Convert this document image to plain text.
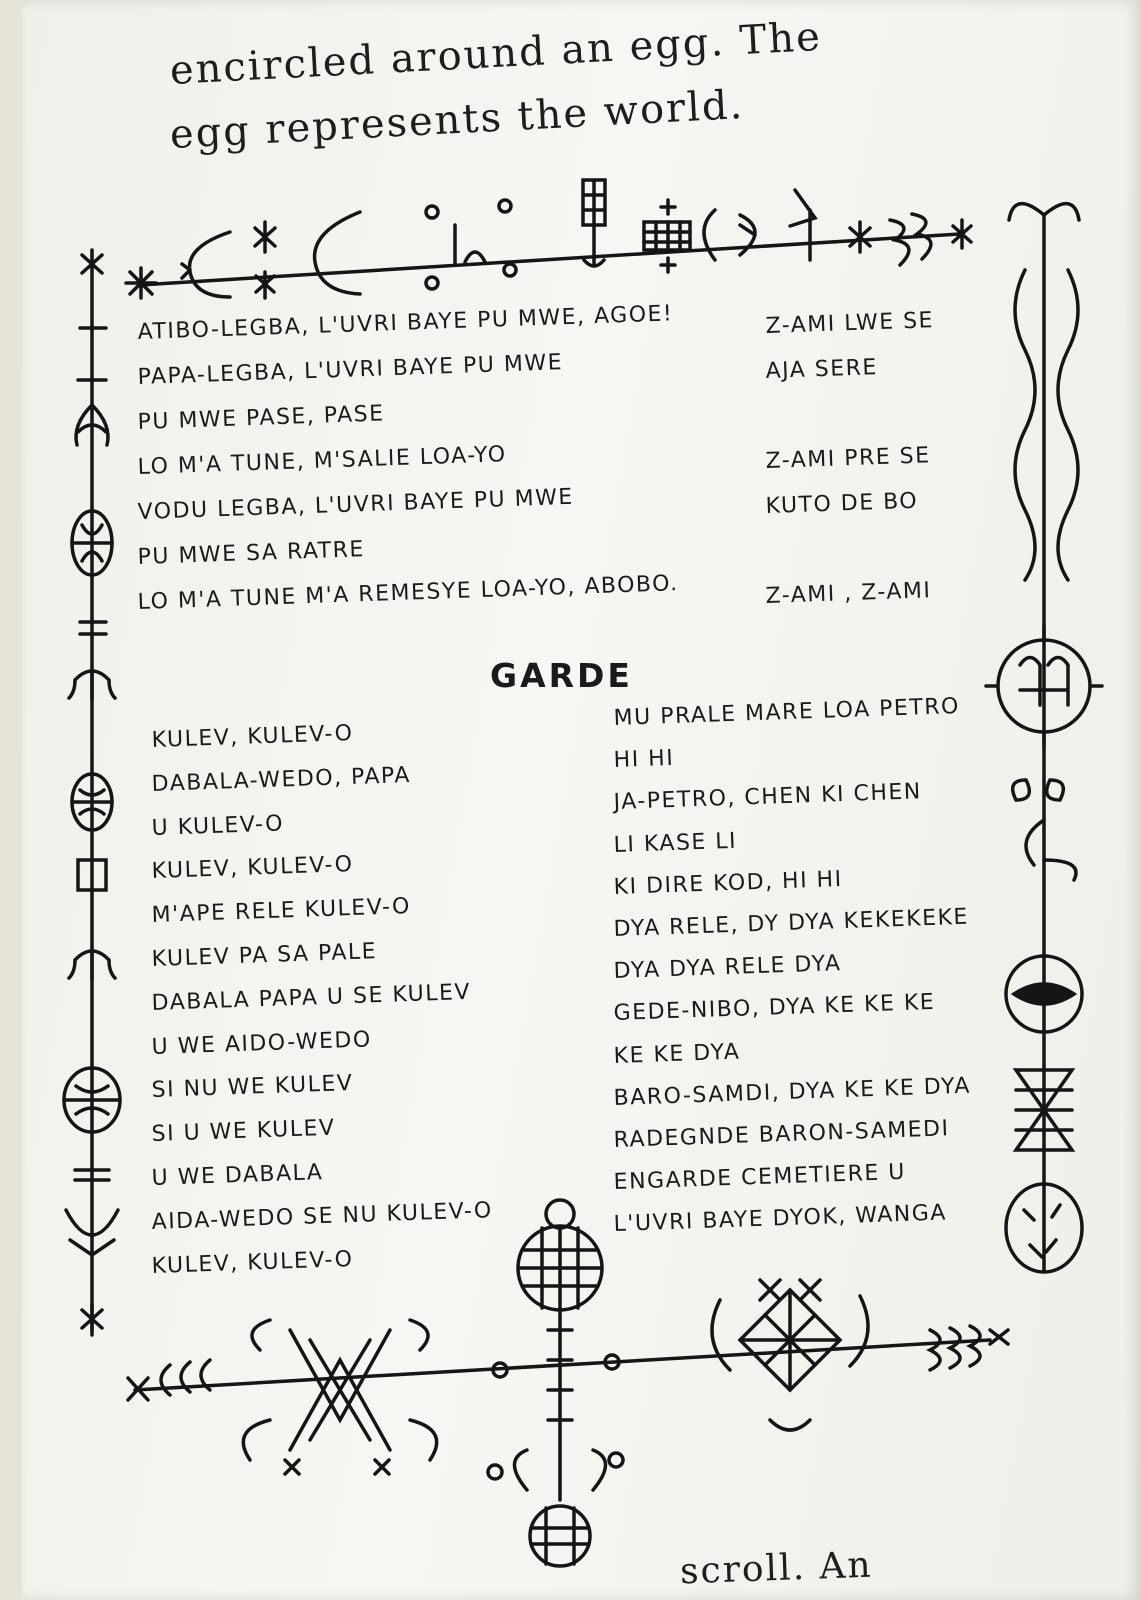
encircled around an egg. The

egg represents the world.

ATIBO-LEGBA, L'UVRI BAYE PU MWE, AGOE!
PAPA-LEGBA, L'UVRI BAYE PU MWE
PU MWE PASE, PASE
LO M'A TUNE, M'SALIE LOA-YO
VODU LEGBA, L'UVRI BAYE PU MWE
PU MWE SA RATRE
LO M'A TUNE M'A REMESYE LOA-YO, ABOBO.
Z-AMI LWE SE
AJA SERE
Z-AMI PRE SE
KUTO DE BO
Z-AMI , Z-AMI
GARDE
KULEV, KULEV-O
DABALA-WEDO, PAPA
U KULEV-O
KULEV, KULEV-O
M'APE RELE KULEV-O
KULEV PA SA PALE
DABALA PAPA U SE KULEV
U WE AIDO-WEDO
SI NU WE KULEV
SI U WE KULEV
U WE DABALA
AIDA-WEDO SE NU KULEV-O
KULEV, KULEV-O
MU PRALE MARE LOA PETRO
HI HI
JA-PETRO, CHEN KI CHEN
LI KASE LI
KI DIRE KOD, HI HI
DYA RELE, DY DYA KEKEKEKE
DYA DYA RELE DYA
GEDE-NIBO, DYA KE KE KE
KE KE DYA
BARO-SAMDI, DYA KE KE DYA
RADEGNDE BARON-SAMEDI
ENGARDE CEMETIERE U
L'UVRI BAYE DYOK, WANGA
scroll. An
